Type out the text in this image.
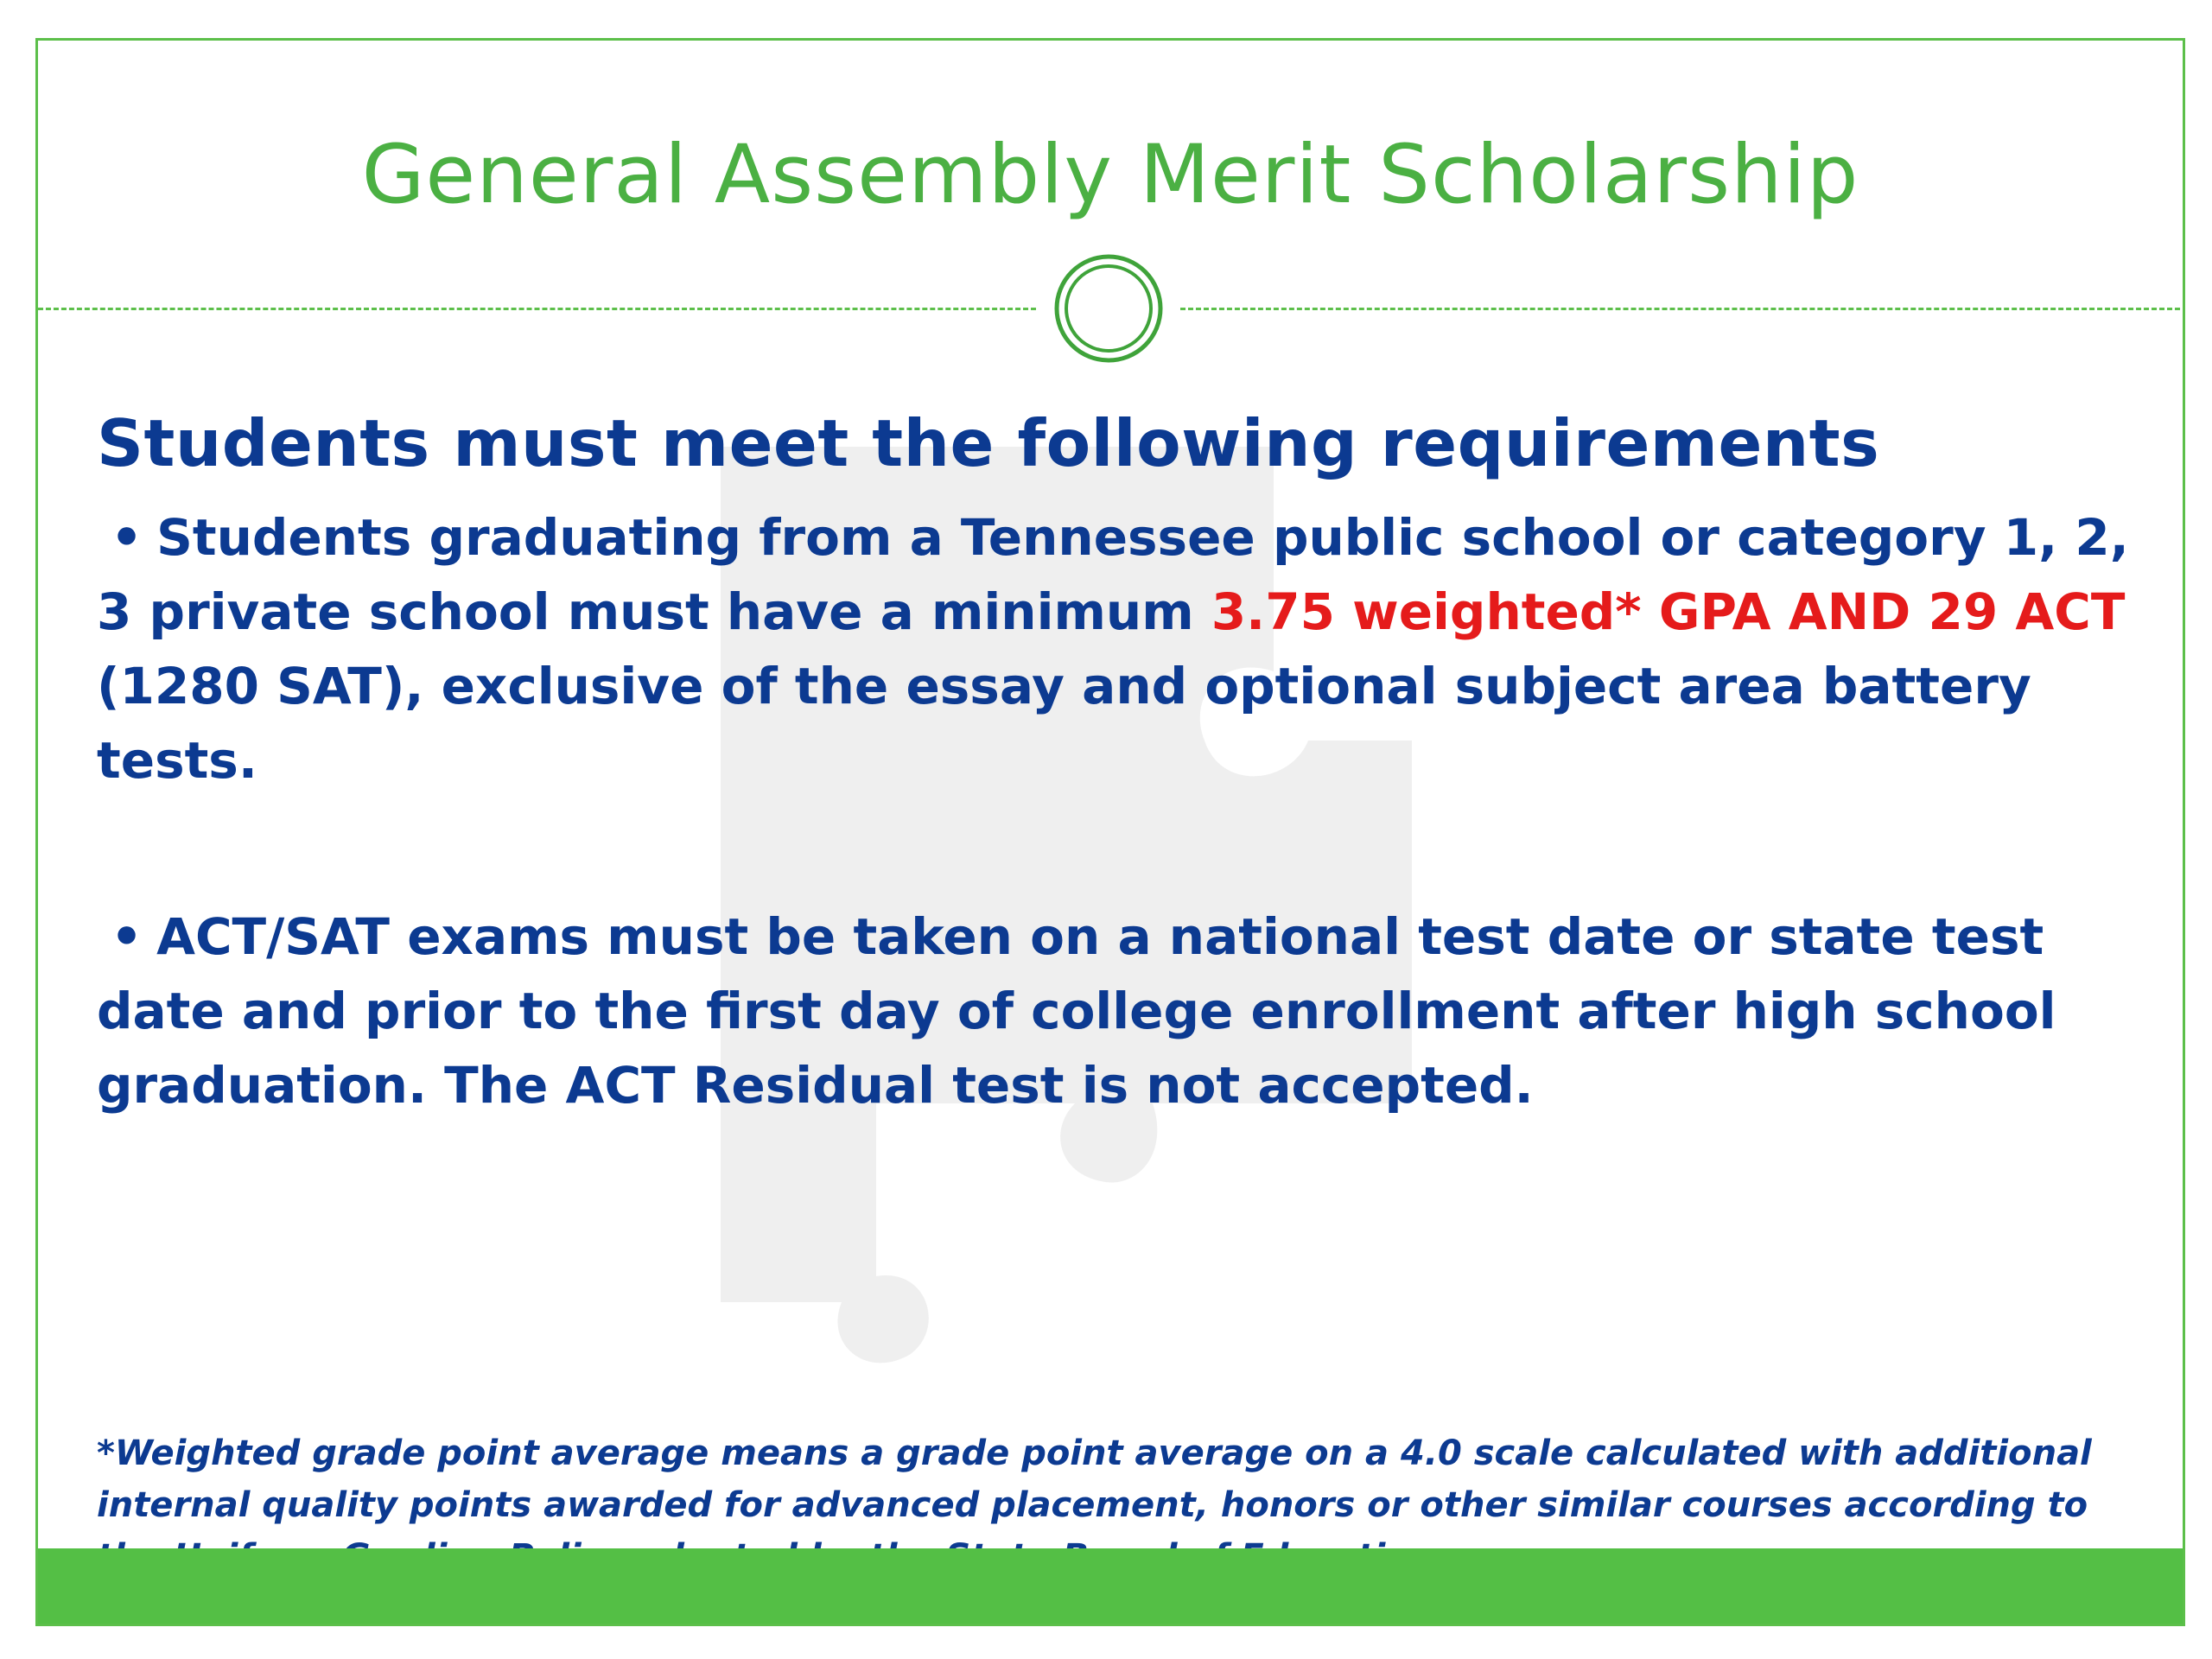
General Assembly Merit Scholarship
Students must meet the following requirements

• Students graduating from a Tennessee public school or category 1, 2, 3 private school must have a minimum 3.75 weighted* GPA AND 29 ACT (1280 SAT), exclusive of the essay and optional subject area battery tests.

• ACT/SAT exams must be taken on a national test date or state test date and prior to the first day of college enrollment after high school graduation. The ACT Residual test is not accepted.

*Weighted grade point average means a grade point average on a 4.0 scale calculated with additional internal quality points awarded for advanced placement, honors or other similar courses according to
